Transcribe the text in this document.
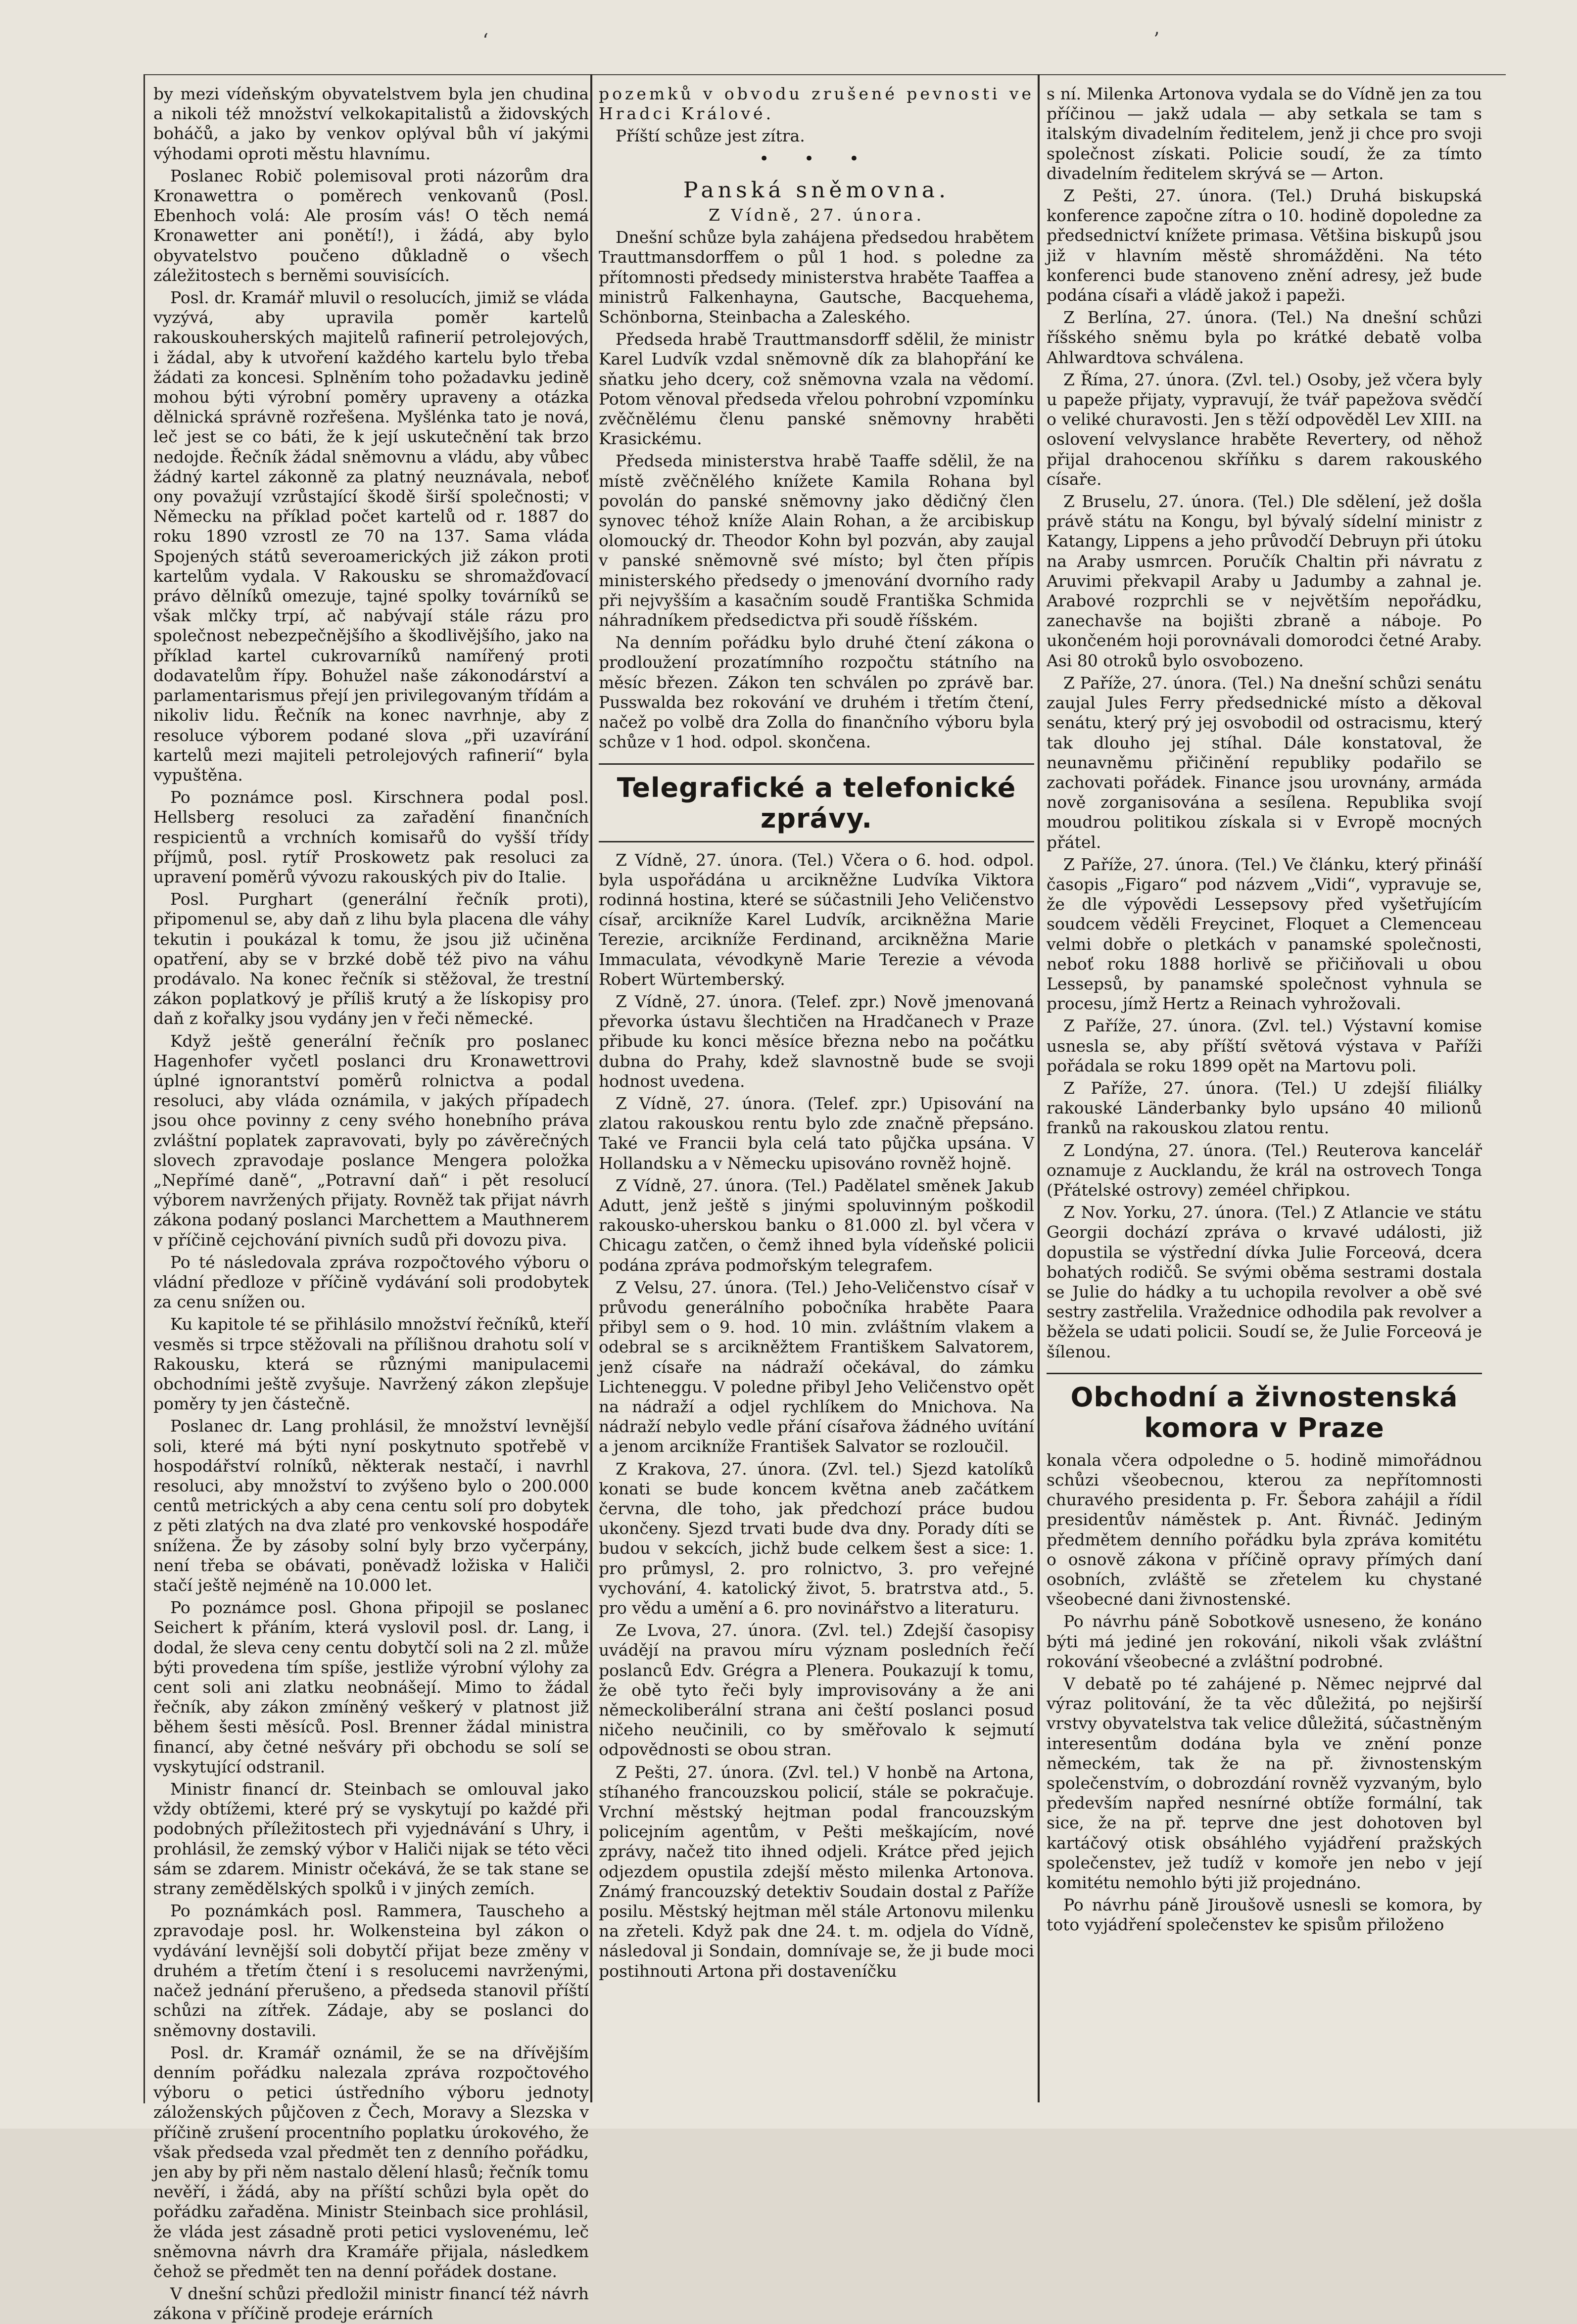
ʻ	ʼ

by mezi vídeňským obyvatelstvem byla jen chudina a nikoli též množství velkokapitalistů a židovských boháčů, a jako by venkov oplýval bůh ví jakými výhodami oproti městu hlavnímu.

Poslanec Robič polemisoval proti názorům dra Kronawettra o poměrech venkovanů (Posl. Ebenhoch volá: Ale prosím vás! O těch nemá Kronawetter ani ponětí!), i žádá, aby bylo obyvatelstvo poučeno důkladně o všech záležitostech s berněmi souvisících.

Posl. dr. Kramář mluvil o resolucích, jimiž se vláda vyzývá, aby upravila poměr kartelů rakouskouherských majitelů rafinerií petrolejových, i žádal, aby k utvoření každého kartelu bylo třeba žádati za koncesi. Splněním toho požadavku jedině mohou býti výrobní poměry upraveny a otázka dělnická správně rozřešena. Myšlénka tato je nová, leč jest se co báti, že k její uskutečnění tak brzo nedojde. Řečník žádal sněmovnu a vládu, aby vůbec žádný kartel zákonně za platný neuznávala, neboť ony považují vzrůstající škodě širší společnosti; v Německu na příklad počet kartelů od r. 1887 do roku 1890 vzrostl ze 70 na 137. Sama vláda Spojených států severoamerických již zákon proti kartelům vydala. V Rakousku se shromažďovací právo dělníků omezuje, tajné spolky továrníků se však mlčky trpí, ač nabývají stále rázu pro společnost nebezpečnějšího a škodlivějšího, jako na příklad kartel cukrovarníků namířený proti dodavatelům řípy. Bohužel naše zákonodárství a parlamentarismus přejí jen privilegovaným třídám a nikoliv lidu. Řečník na konec navrhnje, aby z resoluce výborem podané slova „při uzavírání kartelů mezi majiteli petrolejových rafinerií“ byla vypuštěna.

Po poznámce posl. Kirschnera podal posl. Hellsberg resoluci za zařadění finančních respicientů a vrchních komisařů do vyšší třídy příjmů, posl. rytíř Proskowetz pak resoluci za upravení poměrů vývozu rakouských piv do Italie.

Posl. Purghart (generální řečník proti), připomenul se, aby daň z lihu byla placena dle váhy tekutin i poukázal k tomu, že jsou již učiněna opatření, aby se v brzké době též pivo na váhu prodávalo. Na konec řečník si stěžoval, že trestní zákon poplatkový je příliš krutý a že lískopisy pro daň z kořalky jsou vydány jen v řeči německé.

Když ještě generální řečník pro poslanec Hagenhofer vyčetl poslanci dru Kronawettrovi úplné ignorantství poměrů rolnictva a podal resoluci, aby vláda oznámila, v jakých případech jsou ohce povinny z ceny svého honebního práva zvláštní poplatek zapravovati, byly po závěrečných slovech zpravodaje poslance Mengera položka „Nepřímé daně“, „Potravní daň“ i pět resolucí výborem navržených přijaty. Rovněž tak přijat návrh zákona podaný poslanci Marchettem a Mauthnerem v příčině cejchování pivních sudů při dovozu piva.

Po té následovala zpráva rozpočtového výboru o vládní předloze v příčině vydávání soli prodobytek za cenu snížen ou.

Ku kapitole té se přihlásilo množství řečníků, kteří vesměs si trpce stěžovali na přílišnou drahotu solí v Rakousku, která se různými manipulacemi obchodními ještě zvyšuje. Navržený zákon zlepšuje poměry ty jen částečně.

Poslanec dr. Lang prohlásil, že množství levnější soli, které má býti nyní poskytnuto spotřebě v hospodářství rolníků, některak nestačí, i navrhl resoluci, aby množství to zvýšeno bylo o 200.000 centů metrických a aby cena centu solí pro dobytek z pěti zlatých na dva zlaté pro venkovské hospodáře snížena. Že by zásoby solní byly brzo vyčerpány, není třeba se obávati, poněvadž ložiska v Haliči stačí ještě nejméně na 10.000 let.

Po poznámce posl. Ghona připojil se poslanec Seichert k přáním, která vyslovil posl. dr. Lang, i dodal, že sleva ceny centu dobytčí soli na 2 zl. může býti provedena tím spíše, jestliže výrobní výlohy za cent soli ani zlatku neobnášejí. Mimo to žádal řečník, aby zákon zmíněný veškerý v platnost již během šesti měsíců. Posl. Brenner žádal ministra financí, aby četné nešváry při obchodu se solí se vyskytující odstranil.

Ministr financí dr. Steinbach se omlouval jako vždy obtížemi, které prý se vyskytují po každé při podobných příležitostech při vyjednávání s Uhry, i prohlásil, že zemský výbor v Haliči nijak se této věci sám se zdarem. Ministr očekává, že se tak stane se strany zemědělských spolků i v jiných zemích.

Po poznámkách posl. Rammera, Tauscheho a zpravodaje posl. hr. Wolkensteina byl zákon o vydávání levnější soli dobytčí přijat beze změny v druhém a třetím čtení i s resolucemi navrženými, načež jednání přerušeno, a předseda stanovil příští schůzi na zítřek. Zádaje, aby se poslanci do sněmovny dostavili.

Posl. dr. Kramář oznámil, že se na dřívějším denním pořádku nalezala zpráva rozpočtového výboru o petici ústředního výboru jednoty záloženských půjčoven z Čech, Moravy a Slezska v příčině zrušení procentního poplatku úrokového, že však předseda vzal předmět ten z denního pořádku, jen aby by při něm nastalo dělení hlasů; řečník tomu nevěří, i žádá, aby na příští schůzi byla opět do pořádku zařaděna. Ministr Steinbach sice prohlásil, že vláda jest zásadně proti petici vyslovenému, leč sněmovna návrh dra Kramáře přijala, následkem čehož se předmět ten na denní pořádek dostane.

V dnešní schůzi předložil ministr financí též návrh zákona v příčině prodeje erárních

pozemků v obvodu zrušené pevnosti ve Hradci Králové.

Příští schůze jest zítra.

• • •
Panská sněmovna.

Z Vídně, 27. února.

Dnešní schůze byla zahájena předsedou hrabětem Trauttmansdorffem o půl 1 hod. s poledne za přítomnosti předsedy ministerstva hraběte Taaffea a ministrů Falkenhayna, Gautsche, Bacquehema, Schönborna, Steinbacha a Zaleského.

Předseda hrabě Trauttmansdorff sdělil, že ministr Karel Ludvík vzdal sněmovně dík za blahopřání ke sňatku jeho dcery, což sněmovna vzala na vědomí. Potom věnoval předseda vřelou pohrobní vzpomínku zvěčnělému členu panské sněmovny hraběti Krasickému.

Předseda ministerstva hrabě Taaffe sdělil, že na místě zvěčnělého knížete Kamila Rohana byl povolán do panské sněmovny jako dědičný člen synovec téhož kníže Alain Rohan, a že arcibiskup olomoucký dr. Theodor Kohn byl pozván, aby zaujal v panské sněmovně své místo; byl čten přípis ministerského předsedy o jmenování dvorního rady při nejvyšším a kasačním soudě Františka Schmida náhradníkem předsedictva při soudě říšském.

Na denním pořádku bylo druhé čtení zákona o prodloužení prozatímního rozpočtu státního na měsíc březen. Zákon ten schválen po zprávě bar. Pusswalda bez rokování ve druhém i třetím čtení, načež po volbě dra Zolla do finančního výboru byla schůze v 1 hod. odpol. skončena.

Telegrafické a telefonické zprávy.

Z Vídně, 27. února. (Tel.) Včera o 6. hod. odpol. byla uspořádána u arcikněžne Ludvíka Viktora rodinná hostina, které se súčastnili Jeho Veličenstvo císař, arcikníže Karel Ludvík, arcikněžna Marie Terezie, arcikníže Ferdinand, arcikněžna Marie Immaculata, vévodkyně Marie Terezie a vévoda Robert Würtemberský.

Z Vídně, 27. února. (Telef. zpr.) Nově jmenovaná převorka ústavu šlechtičen na Hradčanech v Praze přibude ku konci měsíce března nebo na počátku dubna do Prahy, kdež slavnostně bude se svoji hodnost uvedena.

Z Vídně, 27. února. (Telef. zpr.) Upisování na zlatou rakouskou rentu bylo zde značně přepsáno. Také ve Francii byla celá tato půjčka upsána. V Hollandsku a v Německu upisováno rovněž hojně.

Z Vídně, 27. února. (Tel.) Padělatel směnek Jakub Adutt, jenž ještě s jinými spoluvinným poškodil rakousko-uherskou banku o 81.000 zl. byl včera v Chicagu zatčen, o čemž ihned byla vídeňské policii podána zpráva podmořským telegrafem.

Z Velsu, 27. února. (Tel.) Jeho-Veličenstvo císař v průvodu generálního pobočníka hraběte Paara přibyl sem o 9. hod. 10 min. zvláštním vlakem a odebral se s arcikněžtem Františkem Salvatorem, jenž císaře na nádraží očekával, do zámku Lichteneggu. V poledne přibyl Jeho Veličenstvo opět na nádraží a odjel rychlíkem do Mnichova. Na nádraží nebylo vedle přání císařova žádného uvítání a jenom arcikníže František Salvator se rozloučil.

Z Krakova, 27. února. (Zvl. tel.) Sjezd katolíků konati se bude koncem května aneb začátkem června, dle toho, jak předchozí práce budou ukončeny. Sjezd trvati bude dva dny. Porady díti se budou v sekcích, jichž bude celkem šest a sice: 1. pro průmysl, 2. pro rolnictvo, 3. pro veřejné vychování, 4. katolický život, 5. bratrstva atd., 5. pro vědu a umění a 6. pro novinářstvo a literaturu.

Ze Lvova, 27. února. (Zvl. tel.) Zdejší časopisy uvádějí na pravou míru význam posledních řečí poslanců Edv. Grégra a Plenera. Poukazují k tomu, že obě tyto řeči byly improvisovány a že ani německoliberální strana ani čeští poslanci posud ničeho neučinili, co by směřovalo k sejmutí odpovědnosti se obou stran.

Z Pešti, 27. února. (Zvl. tel.) V honbě na Artona, stíhaného francouzskou policií, stále se pokračuje. Vrchní městský hejtman podal francouzským policejním agentům, v Pešti meškajícím, nové zprávy, načež tito ihned odjeli. Krátce před jejich odjezdem opustila zdejší město milenka Artonova. Známý francouzský detektiv Soudain dostal z Paříže posilu. Městský hejtman měl stále Artonovu milenku na zřeteli. Když pak dne 24. t. m. odjela do Vídně, následoval ji Sondain, domnívaje se, že ji bude moci postihnouti Artona při dostaveníčku

s ní. Milenka Artonova vydala se do Vídně jen za tou příčinou — jakž udala — aby setkala se tam s italským divadelním ředitelem, jenž ji chce pro svoji společnost získati. Policie soudí, že za tímto divadelním ředitelem skrývá se — Arton.

Z Pešti, 27. února. (Tel.) Druhá biskupská konference započne zítra o 10. hodině dopoledne za předsednictví knížete primasa. Většina biskupů jsou již v hlavním městě shromážděni. Na této konferenci bude stanoveno znění adresy, jež bude podána císaři a vládě jakož i papeži.

Z Berlína, 27. února. (Tel.) Na dnešní schůzi říšského sněmu byla po krátké debatě volba Ahlwardtova schválena.

Z Říma, 27. února. (Zvl. tel.) Osoby, jež včera byly u papeže přijaty, vypravují, že tvář papežova svědčí o veliké churavosti. Jen s těží odpověděl Lev XIII. na oslovení velvyslance hraběte Revertery, od něhož přijal drahocenou skříňku s darem rakouského císaře.

Z Bruselu, 27. února. (Tel.) Dle sdělení, jež došla právě státu na Kongu, byl bývalý sídelní ministr z Katangy, Lippens a jeho průvodčí Debruyn při útoku na Araby usmrcen. Poručík Chaltin při návratu z Aruvimi překvapil Araby u Jadumby a zahnal je. Arabové rozprchli se v největším nepořádku, zanechavše na bojišti zbraně a náboje. Po ukončeném hoji porovnávali domorodci četné Araby. Asi 80 otroků bylo osvobozeno.

Z Paříže, 27. února. (Tel.) Na dnešní schůzi senátu zaujal Jules Ferry předsednické místo a děkoval senátu, který prý jej osvobodil od ostracismu, který tak dlouho jej stíhal. Dále konstatoval, že neunavněmu přičinění republiky podařilo se zachovati pořádek. Finance jsou urovnány, armáda nově zorganisována a sesílena. Republika svojí moudrou politikou získala si v Evropě mocných přátel.

Z Paříže, 27. února. (Tel.) Ve článku, který přináší časopis „Figaro“ pod názvem „Vidi“, vypravuje se, že dle výpovědi Lessepsovy před vyšetřujícím soudcem věděli Freycinet, Floquet a Clemenceau velmi dobře o pletkách v panamské společnosti, neboť roku 1888 horlivě se přičiňovali u obou Lessepsů, by panamské společnost vyhnula se procesu, jímž Hertz a Reinach vyhrožovali.

Z Paříže, 27. února. (Zvl. tel.) Výstavní komise usnesla se, aby příští světová výstava v Paříži pořádala se roku 1899 opět na Martovu poli.

Z Paříže, 27. února. (Tel.) U zdejší filiálky rakouské Länderbanky bylo upsáno 40 milionů franků na rakouskou zlatou rentu.

Z Londýna, 27. února. (Tel.) Reuterova kancelář oznamuje z Aucklandu, že král na ostrovech Tonga (Přátelské ostrovy) zeméel chřipkou.

Z Nov. Yorku, 27. února. (Tel.) Z Atlancie ve státu Georgii dochází zpráva o krvavé události, již dopustila se výstřední dívka Julie Forceová, dcera bohatých rodičů. Se svými oběma sestrami dostala se Julie do hádky a tu uchopila revolver a obě své sestry zastřelila. Vražednice odhodila pak revolver a běžela se udati policii. Soudí se, že Julie Forceová je šílenou.

Obchodní a živnostenská komora v Praze

konala včera odpoledne o 5. hodině mimořádnou schůzi všeobecnou, kterou za nepřítomnosti churavého presidenta p. Fr. Šebora zahájil a řídil presidentův náměstek p. Ant. Řivnáč. Jediným předmětem denního pořádku byla zpráva komitétu o osnově zákona v příčině opravy přímých daní osobních, zvláště se zřetelem ku chystané všeobecné dani živnostenské.

Po návrhu páně Sobotkově usneseno, že konáno býti má jediné jen rokování, nikoli však zvláštní rokování všeobecné a zvláštní podrobné.

V debatě po té zahájené p. Němec nejprvé dal výraz politování, že ta věc důležitá, po nejširší vrstvy obyvatelstva tak velice důležitá, súčastněným interesentům dodána byla ve znění ponze německém, tak že na př. živnostenským společenstvím, o dobrozdání rovněž vyzvaným, bylo především napřed nesnírné obtíže formální, tak sice, že na př. teprve dne jest dohotoven byl kartáčový otisk obsáhlého vyjádření pražských společenstev, jež tudíž v komoře jen nebo v její komitétu nemohlo býti již projednáno.

Po návrhu páně Jiroušově usnesli se komora, by toto vyjádření společenstev ke spisům přiloženo
